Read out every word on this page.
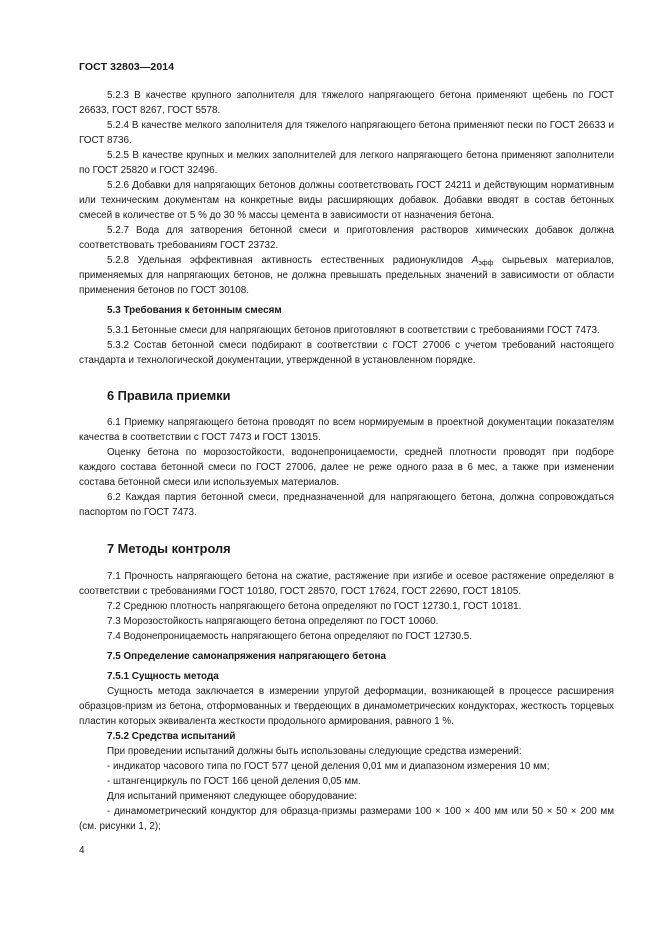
ГОСТ 32803—2014
5.2.3 В качестве крупного заполнителя для тяжелого напрягающего бетона применяют щебень по ГОСТ 26633, ГОСТ 8267, ГОСТ 5578.
5.2.4 В качестве мелкого заполнителя для тяжелого напрягающего бетона применяют пески по ГОСТ 26633 и ГОСТ 8736.
5.2.5 В качестве крупных и мелких заполнителей для легкого напрягающего бетона применяют заполнители по ГОСТ 25820 и ГОСТ 32496.
5.2.6 Добавки для напрягающих бетонов должны соответствовать ГОСТ 24211 и действующим нормативным или техническим документам на конкретные виды расширяющих добавок. Добавки вводят в состав бетонных смесей в количестве от 5 % до 30 % массы цемента в зависимости от назначения бетона.
5.2.7 Вода для затворения бетонной смеси и приготовления растворов химических добавок должна соответствовать требованиям ГОСТ 23732.
5.2.8 Удельная эффективная активность естественных радионуклидов $A_{эфф}$ сырьевых материалов, применяемых для напрягающих бетонов, не должна превышать предельных значений в зависимости от области применения бетонов по ГОСТ 30108.
5.3 Требования к бетонным смесям
5.3.1 Бетонные смеси для напрягающих бетонов приготовляют в соответствии с требованиями ГОСТ 7473.
5.3.2 Состав бетонной смеси подбирают в соответствии с ГОСТ 27006 с учетом требований настоящего стандарта и технологической документации, утвержденной в установленном порядке.
6 Правила приемки
6.1 Приемку напрягающего бетона проводят по всем нормируемым в проектной документации показателям качества в соответствии с ГОСТ 7473 и ГОСТ 13015.
Оценку бетона по морозостойкости, водонепроницаемости, средней плотности проводят при подборе каждого состава бетонной смеси по ГОСТ 27006, далее не реже одного раза в 6 мес, а также при изменении состава бетонной смеси или используемых материалов.
6.2 Каждая партия бетонной смеси, предназначенной для напрягающего бетона, должна сопровождаться паспортом по ГОСТ 7473.
7 Методы контроля
7.1 Прочность напрягающего бетона на сжатие, растяжение при изгибе и осевое растяжение определяют в соответствии с требованиями ГОСТ 10180, ГОСТ 28570, ГОСТ 17624, ГОСТ 22690, ГОСТ 18105.
7.2 Среднюю плотность напрягающего бетона определяют по ГОСТ 12730.1, ГОСТ 10181.
7.3 Морозостойкость напрягающего бетона определяют по ГОСТ 10060.
7.4 Водонепроницаемость напрягающего бетона определяют по ГОСТ 12730.5.
7.5 Определение самонапряжения напрягающего бетона
7.5.1 Сущность метода
Сущность метода заключается в измерении упругой деформации, возникающей в процессе расширения образцов-призм из бетона, отформованных и твердеющих в динамометрических кондукторах, жесткость торцевых пластин которых эквивалента жесткости продольного армирования, равного 1 %.
7.5.2 Средства испытаний
При проведении испытаний должны быть использованы следующие средства измерений:
- индикатор часового типа по ГОСТ 577 ценой деления 0,01 мм и диапазоном измерения 10 мм;
- штангенциркуль по ГОСТ 166 ценой деления 0,05 мм.
Для испытаний применяют следующее оборудование:
- динамометрический кондуктор для образца-призмы размерами 100 × 100 × 400 мм или 50 × 50 × 200 мм (см. рисунки 1, 2);
4
